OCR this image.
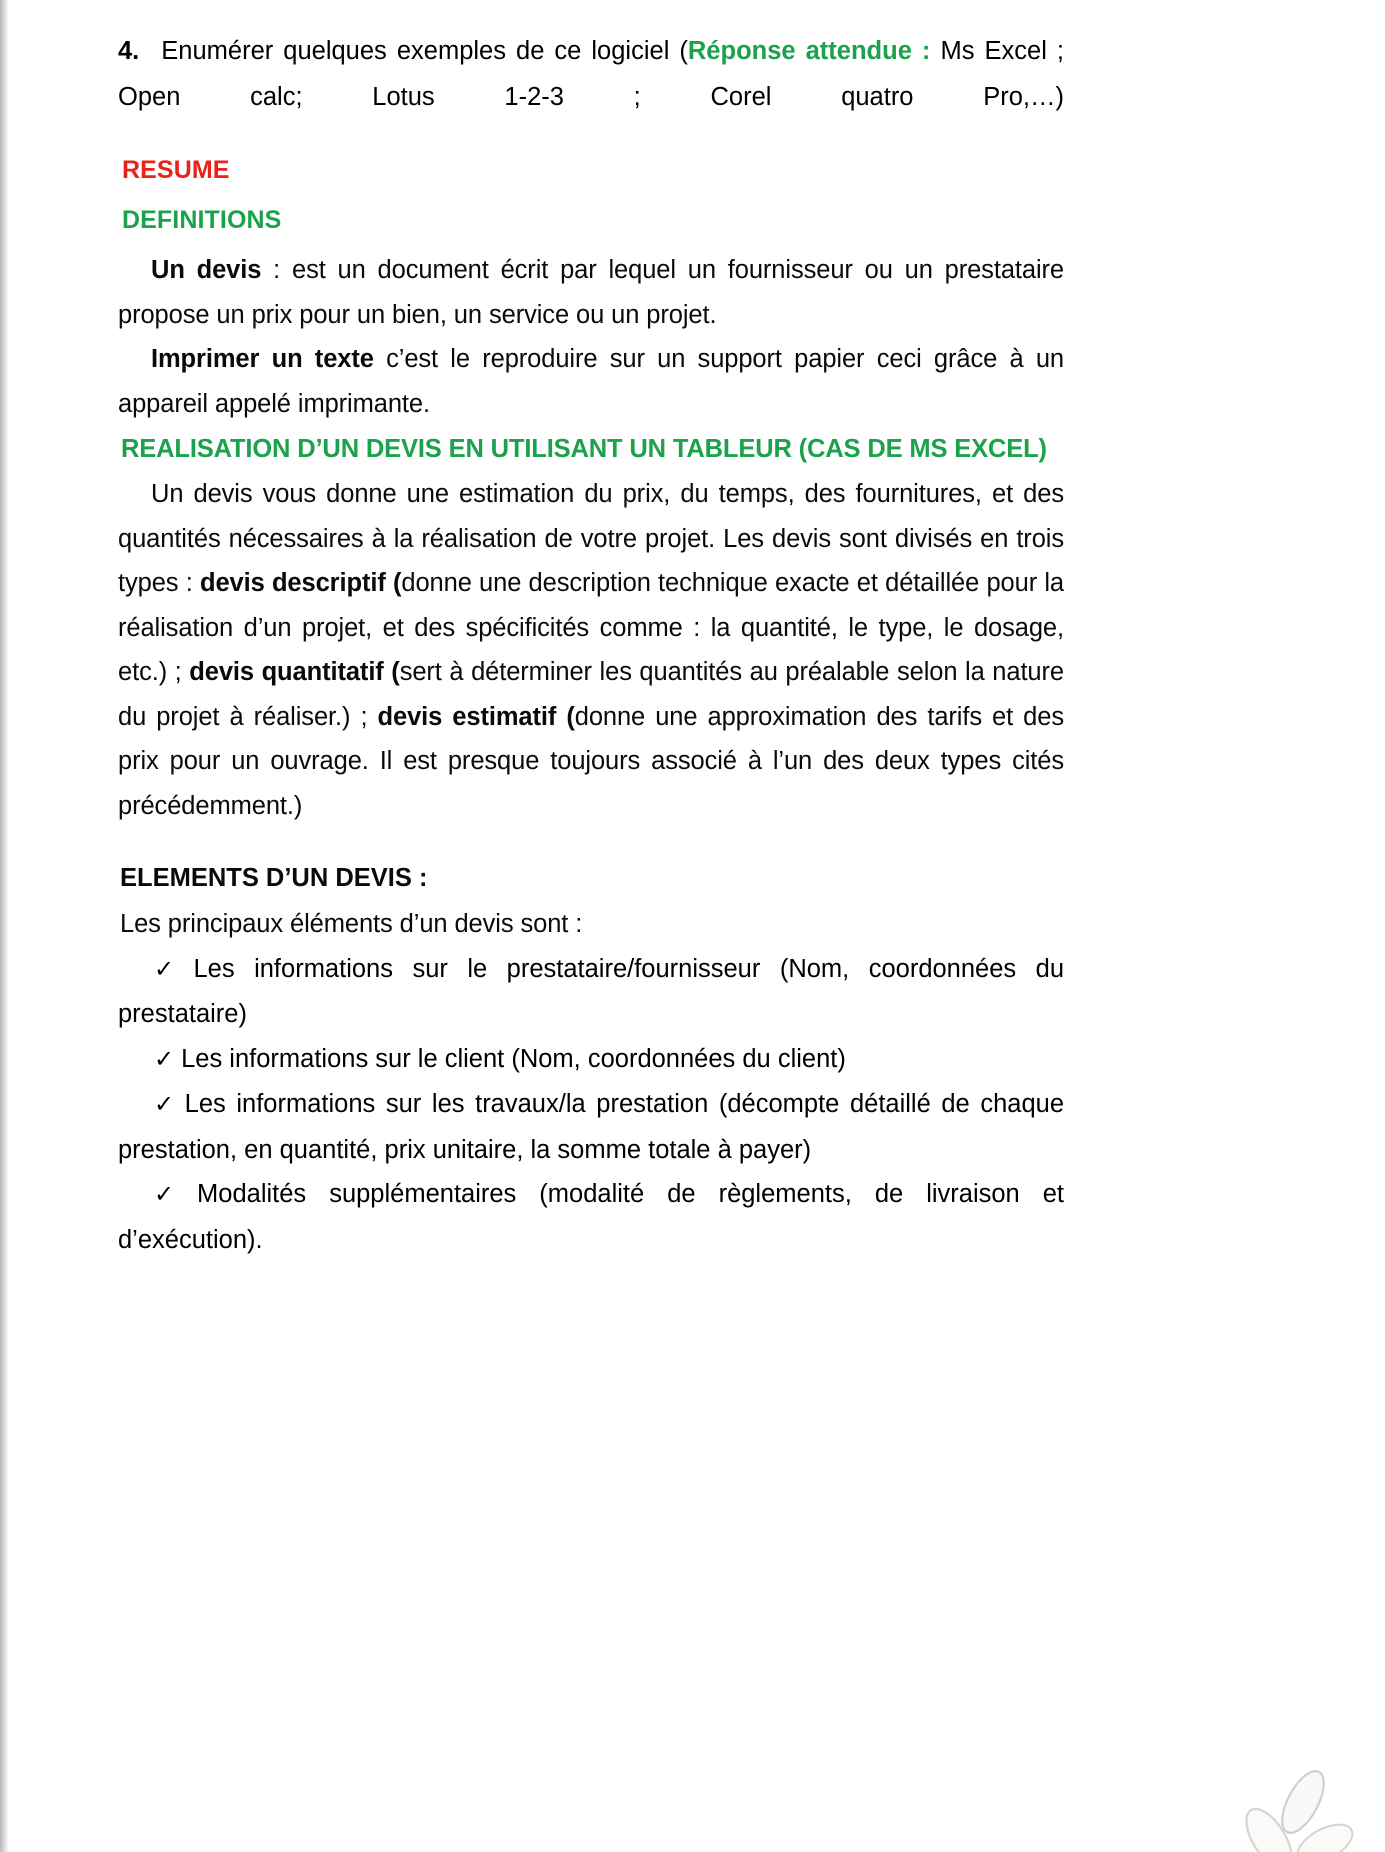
4. Enumérer quelques exemples de ce logiciel (Réponse attendue : Ms Excel ; Open calc; Lotus 1-2-3 ; Corel quatro Pro,…)

RESUME
DEFINITIONS

Un devis : est un document écrit par lequel un fournisseur ou un prestataire propose un prix pour un bien, un service ou un projet.

Imprimer un texte c’est le reproduire sur un support papier ceci grâce à un appareil appelé imprimante.

REALISATION D’UN DEVIS EN UTILISANT UN TABLEUR (CAS DE MS EXCEL)

Un devis vous donne une estimation du prix, du temps, des fournitures, et des quantités nécessaires à la réalisation de votre projet. Les devis sont divisés en trois types : devis descriptif (donne une description technique exacte et détaillée pour la réalisation d’un projet, et des spécificités comme : la quantité, le type, le dosage, etc.) ; devis quantitatif (sert à déterminer les quantités au préalable selon la nature du projet à réaliser.) ; devis estimatif (donne une approximation des tarifs et des prix pour un ouvrage. Il est presque toujours associé à l’un des deux types cités précédemment.)

ELEMENTS D’UN DEVIS :

Les principaux éléments d’un devis sont :

✓ Les informations sur le prestataire/fournisseur (Nom, coordonnées du prestataire)

✓ Les informations sur le client (Nom, coordonnées du client)

✓ Les informations sur les travaux/la prestation (décompte détaillé de chaque prestation, en quantité, prix unitaire, la somme totale à payer)

✓ Modalités supplémentaires (modalité de règlements, de livraison et d’exécution).
